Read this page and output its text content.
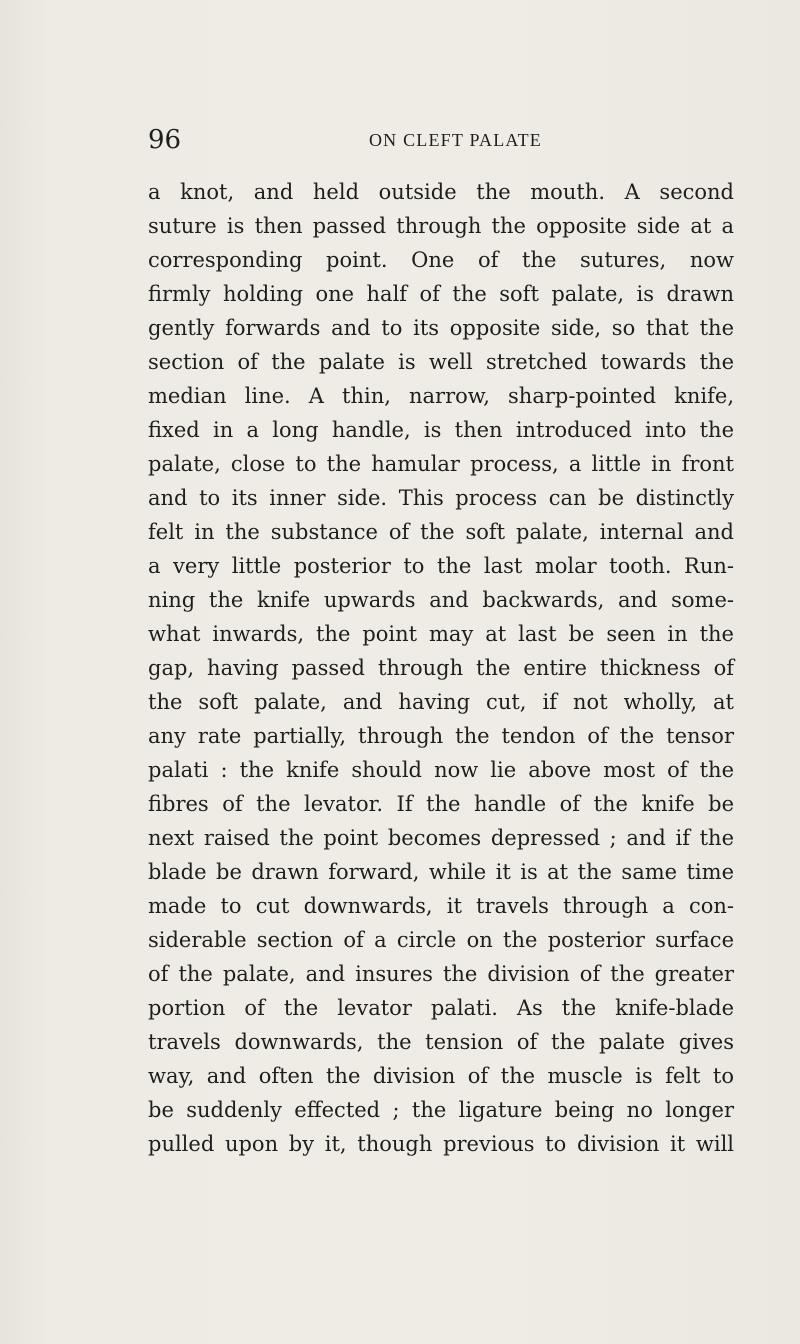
96	ON CLEFT PALATE
a knot, and held outside the mouth. A second
suture is then passed through the opposite side at a
corresponding point. One of the sutures, now
firmly holding one half of the soft palate, is drawn
gently forwards and to its opposite side, so that the
section of the palate is well stretched towards the
median line. A thin, narrow, sharp-pointed knife,
fixed in a long handle, is then introduced into the
palate, close to the hamular process, a little in front
and to its inner side. This process can be distinctly
felt in the substance of the soft palate, internal and
a very little posterior to the last molar tooth. Run-
ning the knife upwards and backwards, and some-
what inwards, the point may at last be seen in the
gap, having passed through the entire thickness of
the soft palate, and having cut, if not wholly, at
any rate partially, through the tendon of the tensor
palati : the knife should now lie above most of the
fibres of the levator. If the handle of the knife be
next raised the point becomes depressed ; and if the
blade be drawn forward, while it is at the same time
made to cut downwards, it travels through a con-
siderable section of a circle on the posterior surface
of the palate, and insures the division of the greater
portion of the levator palati. As the knife-blade
travels downwards, the tension of the palate gives
way, and often the division of the muscle is felt to
be suddenly effected ; the ligature being no longer
pulled upon by it, though previous to division it will
